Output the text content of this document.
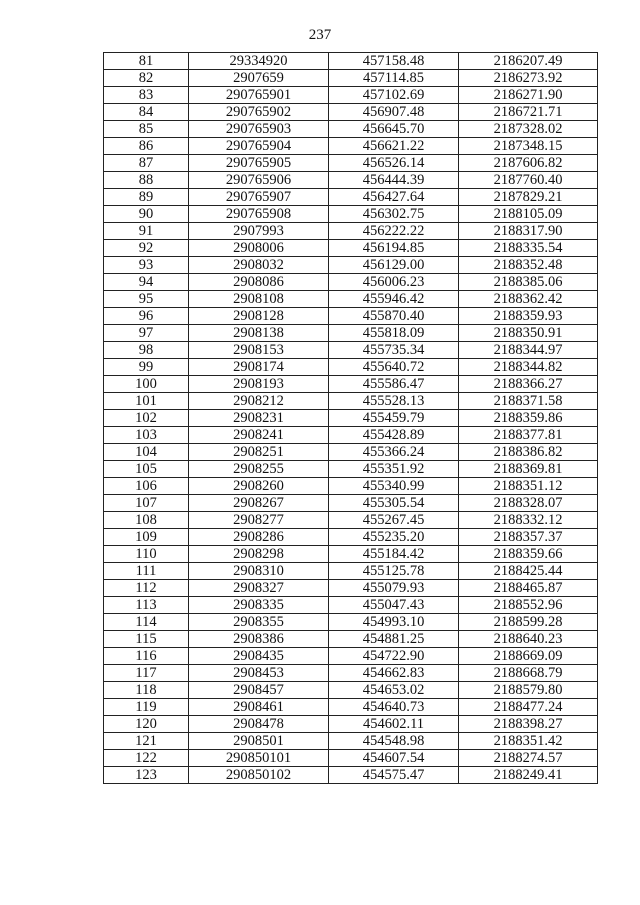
237
81	29334920	457158.48	2186207.49
82	2907659	457114.85	2186273.92
83	290765901	457102.69	2186271.90
84	290765902	456907.48	2186721.71
85	290765903	456645.70	2187328.02
86	290765904	456621.22	2187348.15
87	290765905	456526.14	2187606.82
88	290765906	456444.39	2187760.40
89	290765907	456427.64	2187829.21
90	290765908	456302.75	2188105.09
91	2907993	456222.22	2188317.90
92	2908006	456194.85	2188335.54
93	2908032	456129.00	2188352.48
94	2908086	456006.23	2188385.06
95	2908108	455946.42	2188362.42
96	2908128	455870.40	2188359.93
97	2908138	455818.09	2188350.91
98	2908153	455735.34	2188344.97
99	2908174	455640.72	2188344.82
100	2908193	455586.47	2188366.27
101	2908212	455528.13	2188371.58
102	2908231	455459.79	2188359.86
103	2908241	455428.89	2188377.81
104	2908251	455366.24	2188386.82
105	2908255	455351.92	2188369.81
106	2908260	455340.99	2188351.12
107	2908267	455305.54	2188328.07
108	2908277	455267.45	2188332.12
109	2908286	455235.20	2188357.37
110	2908298	455184.42	2188359.66
111	2908310	455125.78	2188425.44
112	2908327	455079.93	2188465.87
113	2908335	455047.43	2188552.96
114	2908355	454993.10	2188599.28
115	2908386	454881.25	2188640.23
116	2908435	454722.90	2188669.09
117	2908453	454662.83	2188668.79
118	2908457	454653.02	2188579.80
119	2908461	454640.73	2188477.24
120	2908478	454602.11	2188398.27
121	2908501	454548.98	2188351.42
122	290850101	454607.54	2188274.57
123	290850102	454575.47	2188249.41
